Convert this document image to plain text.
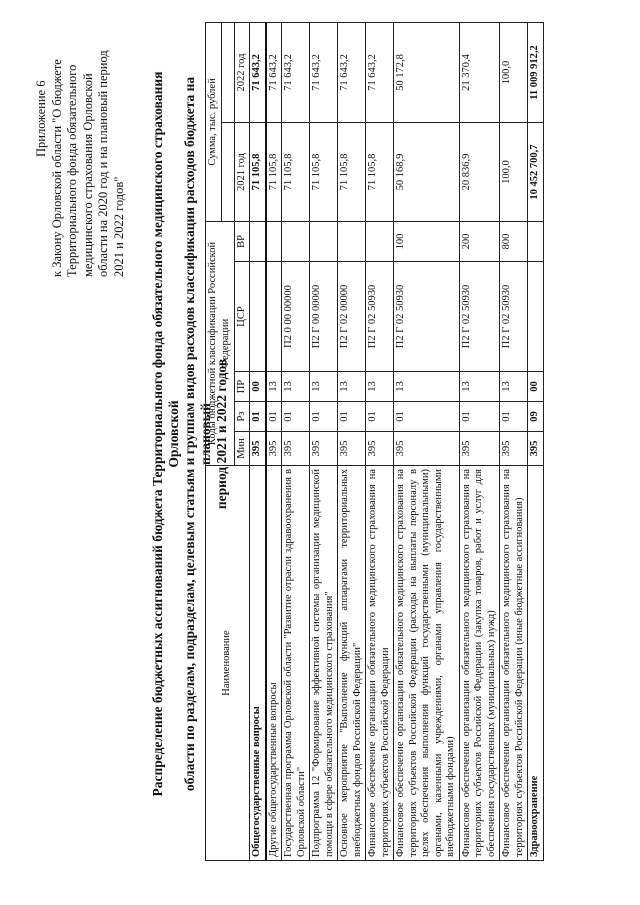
Приложение 6 к Закону Орловской области "О бюджете Территориального фонда обязательного медицинского страхования Орловской области на 2020 год и на плановый период 2021 и 2022 годов" Распределение бюджетных ассигнований бюджета Территориального фонда обязательного медицинского страхования Орловской области по разделам, подразделам, целевым статьям и группам видов расходов классификации расходов бюджета на плановый период 2021 и 2022 годов
Наименование	Коды бюджетной классификации Российской Федерации					Сумма, тыс. рублей	

	Мин	Рз	ПР	ЦСР	ВР	2021 год	2022 год
Общегосударственные вопросы	395	01	00			71 105,8	71 643,2
Другие общегосударственные вопросы	395	01	13			71 105,8	71 643,2
Государственная программа Орловской области "Развитие отрасли здравоохранения в Орловской области"	395	01	13	П2 0 00 00000		71 105,8	71 643,2
Подпрограмма 12 "Формирование эффективной системы организации медицинской помощи в сфере обязательного медицинского страхования"	395	01	13	П2 Г 00 00000		71 105,8	71 643,2
Основное мероприятие "Выполнение функций аппаратами территориальных внебюджетных фондов Российской Федерации"	395	01	13	П2 Г 02 00000		71 105,8	71 643,2
Финансовое обеспечение организации обязательного медицинского страхования на территориях субъектов Российской Федерации	395	01	13	П2 Г 02 50930		71 105,8	71 643,2
Финансовое обеспечение организации обязательного медицинского страхования на территориях субъектов Российской Федерации (расходы на выплаты персоналу в целях обеспечения выполнения функций государственными (муниципальными) органами, казенными учреждениями, органами управления государственными внебюджетными фондами)	395	01	13	П2 Г 02 50930	100	50 168,9	50 172,8
Финансовое обеспечение организации обязательного медицинского страхования на территориях субъектов Российской Федерации (закупка товаров, работ и услуг для обеспечения государственных (муниципальных) нужд)	395	01	13	П2 Г 02 50930	200	20 836,9	21 370,4
Финансовое обеспечение организации обязательного медицинского страхования на территориях субъектов Российской Федерации (иные бюджетные ассигнования)	395	01	13	П2 Г 02 50930	800	100,0	100,0
Здравоохранение	395	09	00			10 452 700,7	11 009 912,2
